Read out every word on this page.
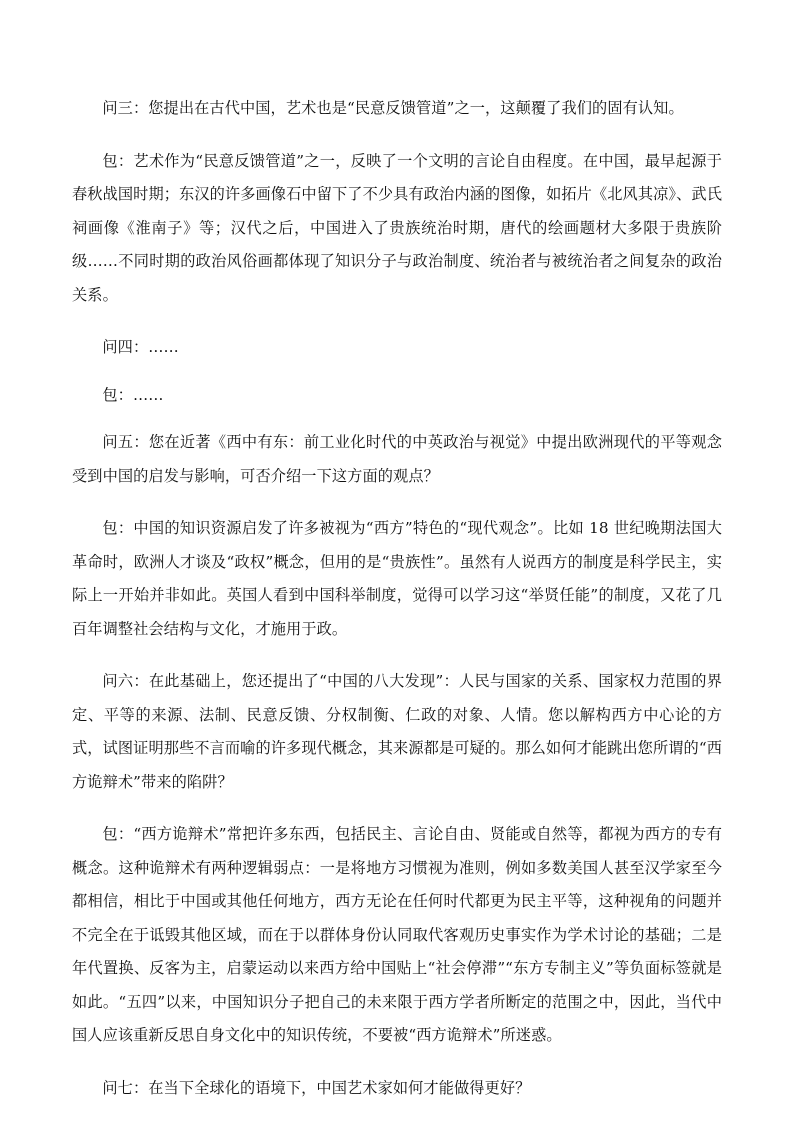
问三：您提出在古代中国，艺术也是“民意反馈管道”之一，这颠覆了我们的固有认知。

包：艺术作为“民意反馈管道”之一，反映了一个文明的言论自由程度。在中国，最早起源于春秋战国时期；东汉的许多画像石中留下了不少具有政治内涵的图像，如拓片《北风其凉》、武氏祠画像《淮南子》等；汉代之后，中国进入了贵族统治时期，唐代的绘画题材大多限于贵族阶级……不同时期的政治风俗画都体现了知识分子与政治制度、统治者与被统治者之间复杂的政治关系。

问四：……

包：……

问五：您在近著《西中有东：前工业化时代的中英政治与视觉》中提出欧洲现代的平等观念受到中国的启发与影响，可否介绍一下这方面的观点？

包：中国的知识资源启发了许多被视为“西方”特色的“现代观念”。比如 18 世纪晚期法国大革命时，欧洲人才谈及“政权”概念，但用的是“贵族性”。虽然有人说西方的制度是科学民主，实际上一开始并非如此。英国人看到中国科举制度，觉得可以学习这“举贤任能”的制度，又花了几百年调整社会结构与文化，才施用于政。

问六：在此基础上，您还提出了“中国的八大发现”：人民与国家的关系、国家权力范围的界定、平等的来源、法制、民意反馈、分权制衡、仁政的对象、人情。您以解构西方中心论的方式，试图证明那些不言而喻的许多现代概念，其来源都是可疑的。那么如何才能跳出您所谓的“西方诡辩术”带来的陷阱？

包：“西方诡辩术”常把许多东西，包括民主、言论自由、贤能或自然等，都视为西方的专有概念。这种诡辩术有两种逻辑弱点：一是将地方习惯视为准则，例如多数美国人甚至汉学家至今都相信，相比于中国或其他任何地方，西方无论在任何时代都更为民主平等，这种视角的问题并不完全在于诋毁其他区域，而在于以群体身份认同取代客观历史事实作为学术讨论的基础；二是年代置换、反客为主，启蒙运动以来西方给中国贴上“社会停滞”“东方专制主义”等负面标签就是如此。“五四”以来，中国知识分子把自己的未来限于西方学者所断定的范围之中，因此，当代中国人应该重新反思自身文化中的知识传统，不要被“西方诡辩术”所迷惑。

问七：在当下全球化的语境下，中国艺术家如何才能做得更好？
